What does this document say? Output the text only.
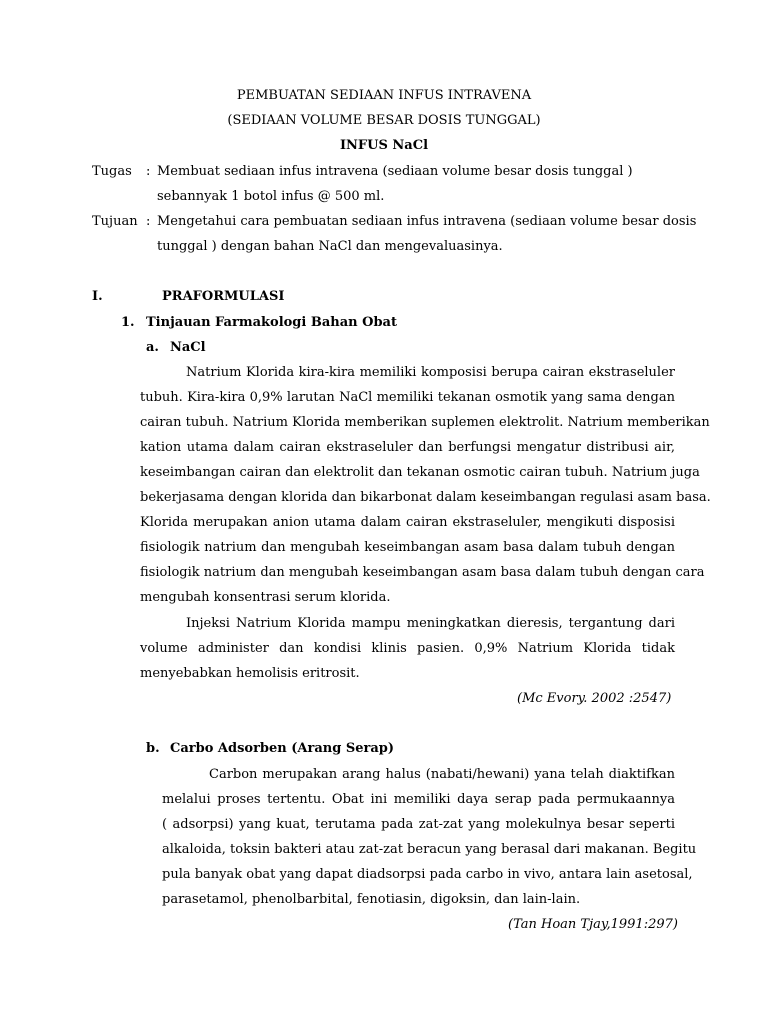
PEMBUATAN SEDIAAN INFUS INTRAVENA
(SEDIAAN VOLUME BESAR DOSIS TUNGGAL)
INFUS NaCl
Tugas : Membuat sediaan infus intravena (sediaan volume besar dosis tunggal )
sebannyak 1 botol infus @ 500 ml.
Tujuan : Mengetahui cara pembuatan sediaan infus intravena (sediaan volume besar dosis
tunggal ) dengan bahan NaCl dan mengevaluasinya.
I.	PRAFORMULASI
1. Tinjauan Farmakologi Bahan Obat
a. NaCl
Natrium Klorida kira-kira memiliki komposisi berupa cairan ekstraseluler
tubuh. Kira-kira 0,9% larutan NaCl memiliki tekanan osmotik yang sama dengan
cairan tubuh. Natrium Klorida memberikan suplemen elektrolit. Natrium memberikan
kation utama dalam cairan ekstraseluler dan berfungsi mengatur distribusi air,
keseimbangan cairan dan elektrolit dan tekanan osmotic cairan tubuh. Natrium juga
bekerjasama dengan klorida dan bikarbonat dalam keseimbangan regulasi asam basa.
Klorida merupakan anion utama dalam cairan ekstraseluler, mengikuti disposisi
fisiologik natrium dan mengubah keseimbangan asam basa dalam tubuh dengan
fisiologik natrium dan mengubah keseimbangan asam basa dalam tubuh dengan cara
mengubah konsentrasi serum klorida.
Injeksi Natrium Klorida mampu meningkatkan dieresis, tergantung dari
volume administer dan kondisi klinis pasien. 0,9% Natrium Klorida tidak
menyebabkan hemolisis eritrosit.
(Mc Evory. 2002 :2547)
b. Carbo Adsorben (Arang Serap)
Carbon merupakan arang halus (nabati/hewani) yana telah diaktifkan
melalui proses tertentu. Obat ini memiliki daya serap pada permukaannya
( adsorpsi) yang kuat, terutama pada zat-zat yang molekulnya besar seperti
alkaloida, toksin bakteri atau zat-zat beracun yang berasal dari makanan. Begitu
pula banyak obat yang dapat diadsorpsi pada carbo in vivo, antara lain asetosal,
parasetamol, phenolbarbital, fenotiasin, digoksin, dan lain-lain.
(Tan Hoan Tjay,1991:297)
